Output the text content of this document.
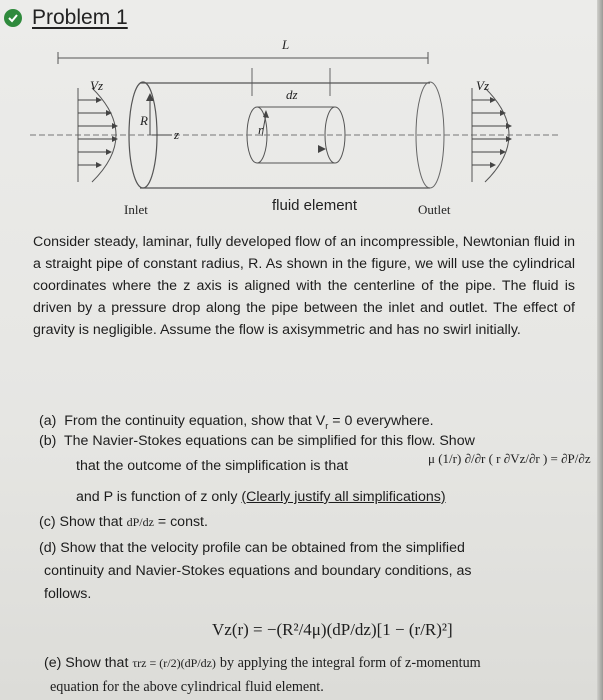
Problem 1
L
dz
Vz	Vz
R
z	r
Inlet	fluid element	Outlet
Consider steady, laminar, fully developed flow of an incompressible, Newtonian fluid in a straight pipe of constant radius, R. As shown in the figure, we will use the cylindrical coordinates where the z axis is aligned with the centerline of the pipe. The fluid is driven by a pressure drop along the pipe between the inlet and outlet. The effect of gravity is negligible. Assume the flow is axisymmetric and has no swirl initially.
(a) From the continuity equation, show that $V_r = 0$ everywhere.
(b) The Navier-Stokes equations can be simplified for this flow. Show
that the outcome of the simplification is that	μ (1/r) ∂/∂r ( r ∂Vz/∂r ) = ∂P/∂z
and P is function of z only (Clearly justify all simplifications)
(c) Show that dP/dz = const.
(d) Show that the velocity profile can be obtained from the simplified
continuity and Navier-Stokes equations and boundary conditions, as
follows.
Vz(r) = −(R²/4μ)(dP/dz)[1 − (r/R)²]
(e) Show that τrz = (r/2)(dP/dz) by applying the integral form of z-momentum
equation for the above cylindrical fluid element.
